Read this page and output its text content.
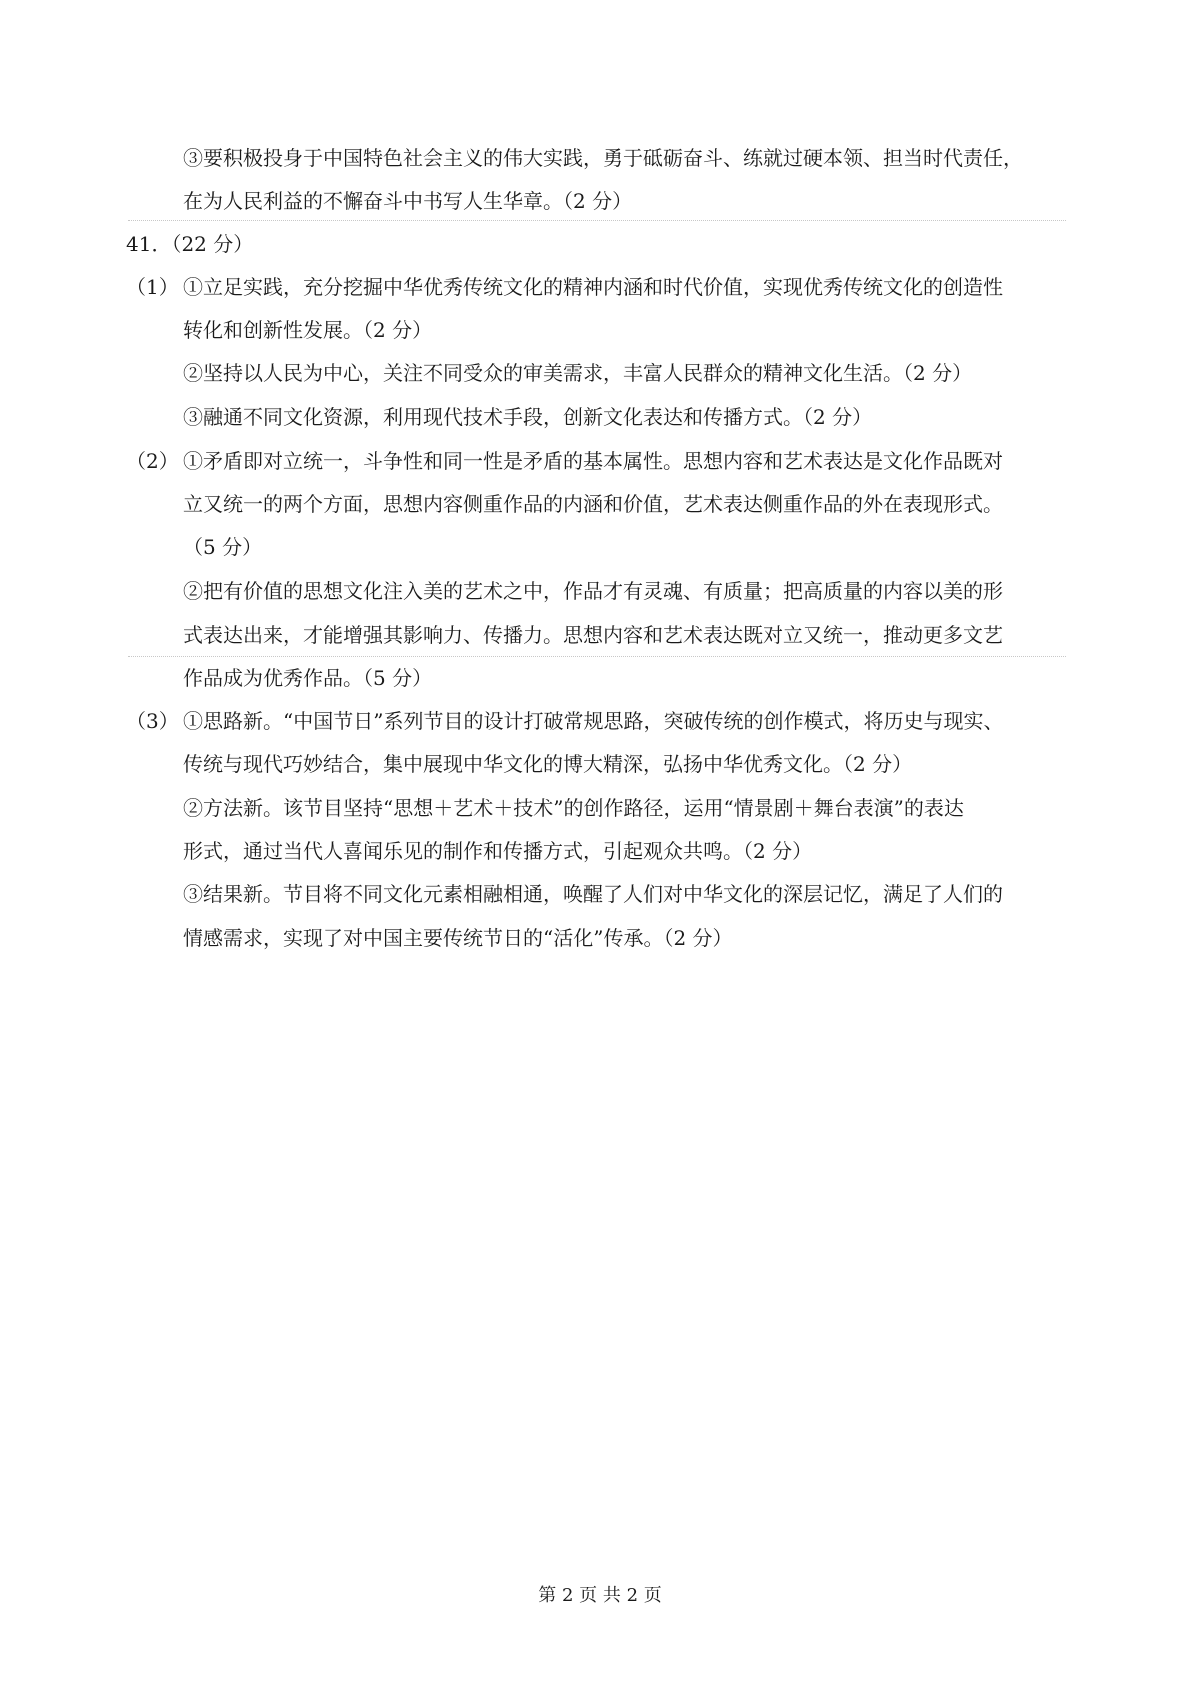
③要积极投身于中国特色社会主义的伟大实践，勇于砥砺奋斗、练就过硬本领、担当时代责任，
在为人民利益的不懈奋斗中书写人生华章。（2 分）
41．（22 分）
（1） ①立足实践，充分挖掘中华优秀传统文化的精神内涵和时代价值，实现优秀传统文化的创造性
转化和创新性发展。（2 分）
②坚持以人民为中心，关注不同受众的审美需求，丰富人民群众的精神文化生活。（2 分）
③融通不同文化资源，利用现代技术手段，创新文化表达和传播方式。（2 分）
（2） ①矛盾即对立统一，斗争性和同一性是矛盾的基本属性。思想内容和艺术表达是文化作品既对
立又统一的两个方面，思想内容侧重作品的内涵和价值，艺术表达侧重作品的外在表现形式。
（5 分）
②把有价值的思想文化注入美的艺术之中，作品才有灵魂、有质量；把高质量的内容以美的形
式表达出来，才能增强其影响力、传播力。思想内容和艺术表达既对立又统一，推动更多文艺
作品成为优秀作品。（5 分）
（3） ①思路新。“中国节日”系列节目的设计打破常规思路，突破传统的创作模式，将历史与现实、
传统与现代巧妙结合，集中展现中华文化的博大精深，弘扬中华优秀文化。（2 分）
②方法新。该节目坚持“思想＋艺术＋技术”的创作路径，运用“情景剧＋舞台表演”的表达
形式，通过当代人喜闻乐见的制作和传播方式，引起观众共鸣。（2 分）
③结果新。节目将不同文化元素相融相通，唤醒了人们对中华文化的深层记忆，满足了人们的
情感需求，实现了对中国主要传统节日的“活化”传承。（2 分）
第 2 页 共 2 页
